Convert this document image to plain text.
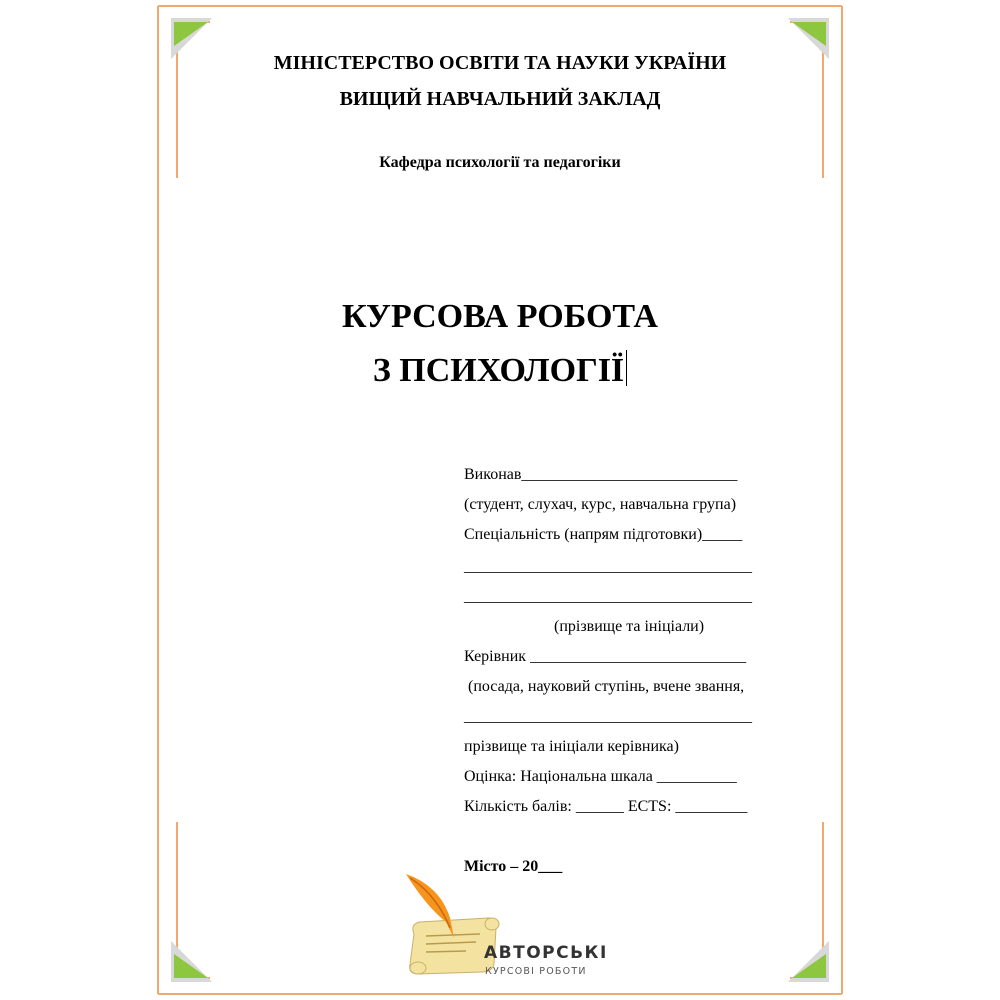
МІНІСТЕРСТВО ОСВІТИ ТА НАУКИ УКРАЇНИ
ВИЩИЙ НАВЧАЛЬНИЙ ЗАКЛАД
Кафедра психології та педагогіки
КУРСОВА РОБОТА
З ПСИХОЛОГІЇ
Виконав___________________________
(студент, слухач, курс, навчальна група)
Спеціальність (напрям підготовки)_____
____________________________________
____________________________________
(прізвище та ініціали)
Керівник ___________________________
(посада, науковий ступінь, вчене звання,
____________________________________
прізвище та ініціали керівника)
Оцінка: Національна шкала __________
Кількість балів: ______ ECTS: _________
Місто – 20___
АВТОРСЬКІ
КУРСОВІ РОБОТИ
